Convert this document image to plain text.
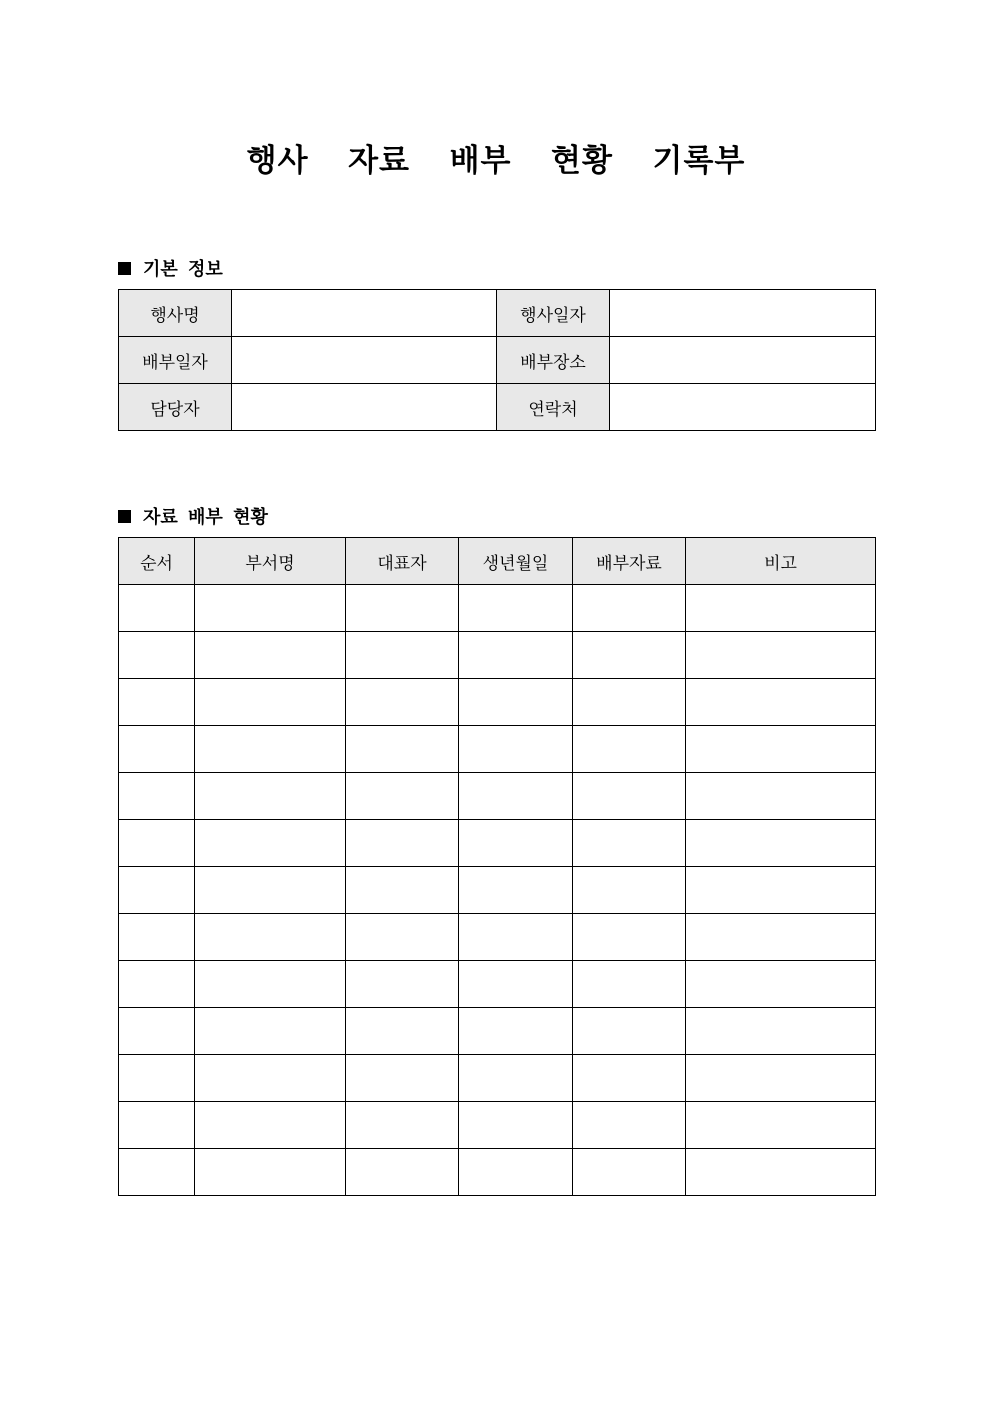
행사  자료  배부  현황  기록부
기본 정보
행사명		행사일자	
배부일자		배부장소	
담당자		연락처	
자료 배부 현황
순서	부서명	대표자	생년월일	배부자료	비고
